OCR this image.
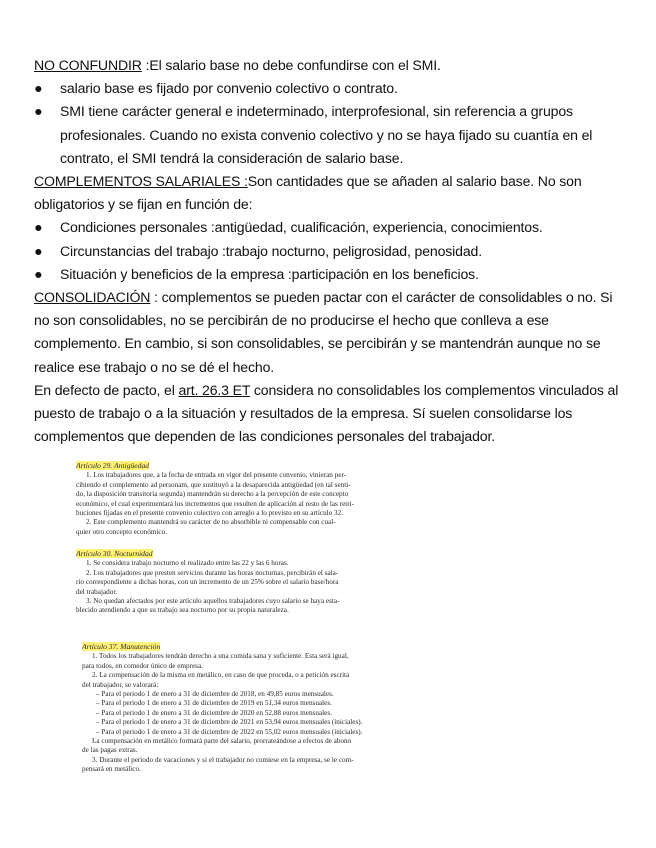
NO CONFUNDIR :El salario base no debe confundirse con el SMI.

● salario base es fijado por convenio colectivo o contrato.
● SMI tiene carácter general e indeterminado, interprofesional, sin referencia a grupos profesionales. Cuando no exista convenio colectivo y no se haya fijado su cuantía en el contrato, el SMI tendrá la consideración de salario base.

COMPLEMENTOS SALARIALES :Son cantidades que se añaden al salario base. No son obligatorios y se fijan en función de:

● Condiciones personales :antigüedad, cualificación, experiencia, conocimientos.
● Circunstancias del trabajo :trabajo nocturno, peligrosidad, penosidad.
● Situación y beneficios de la empresa :participación en los beneficios.

CONSOLIDACIÓN : complementos se pueden pactar con el carácter de consolidables o no. Si no son consolidables, no se percibirán de no producirse el hecho que conlleva a ese complemento. En cambio, si son consolidables, se percibirán y se mantendrán aunque no se realice ese trabajo o no se dé el hecho.

En defecto de pacto, el art. 26.3 ET considera no consolidables los complementos vinculados al puesto de trabajo o a la situación y resultados de la empresa. Sí suelen consolidarse los complementos que dependen de las condiciones personales del trabajador.

Artículo 29. Antigüedad

1. Los trabajadores que, a la fecha de entrada en vigor del presente convenio, vinieran per-

cibiendo el complemento ad personam, que sustituyó a la desaparecida antigüedad (en tal senti-

do, la disposición transitoria segunda) mantendrán su derecho a la percepción de este concepto

económico, el cual experimentará los incrementos que resulten de aplicación al resto de las retri-

buciones fijadas en el presente convenio colectivo con arreglo a lo previsto en su artículo 32.

2. Este complemento mantendrá su carácter de no absorbible ni compensable con cual-

quier otro concepto económico.

Artículo 30. Nocturnidad

1. Se considera trabajo nocturno el realizado entre las 22 y las 6 horas.

2. Los trabajadores que presten servicios durante las horas nocturnas, percibirán el sala-

rio correspondiente a dichas horas, con un incremento de un 25% sobre el salario base/hora

del trabajador.

3. No quedan afectados por este artículo aquellos trabajadores cuyo salario se haya esta-

blecido atendiendo a que su trabajo sea nocturno por su propia naturaleza.

Artículo 37. Manutención

1. Todos los trabajadores tendrán derecho a una comida sana y suficiente. Esta será igual,

para todos, en comedor único de empresa.

2. La compensación de la misma en metálico, en caso de que proceda, o a petición escrita

del trabajador, se valorará:

– Para el periodo 1 de enero a 31 de diciembre de 2018, en 49,85 euros mensuales.

– Para el periodo 1 de enero a 31 de diciembre de 2019 en 51,34 euros mensuales.

– Para el periodo 1 de enero a 31 de diciembre de 2020 en 52,88 euros mensuales.

– Para el periodo 1 de enero a 31 de diciembre de 2021 en 53,94 euros mensuales (iniciales).

– Para el periodo 1 de enero a 31 de diciembre de 2022 en 55,02 euros mensuales (iniciales).

La compensación en metálico formará parte del salario, prorrateándose a efectos de abono

de las pagas extras.

3. Durante el periodo de vacaciones y si el trabajador no comiese en la empresa, se le com-

pensará en metálico.
